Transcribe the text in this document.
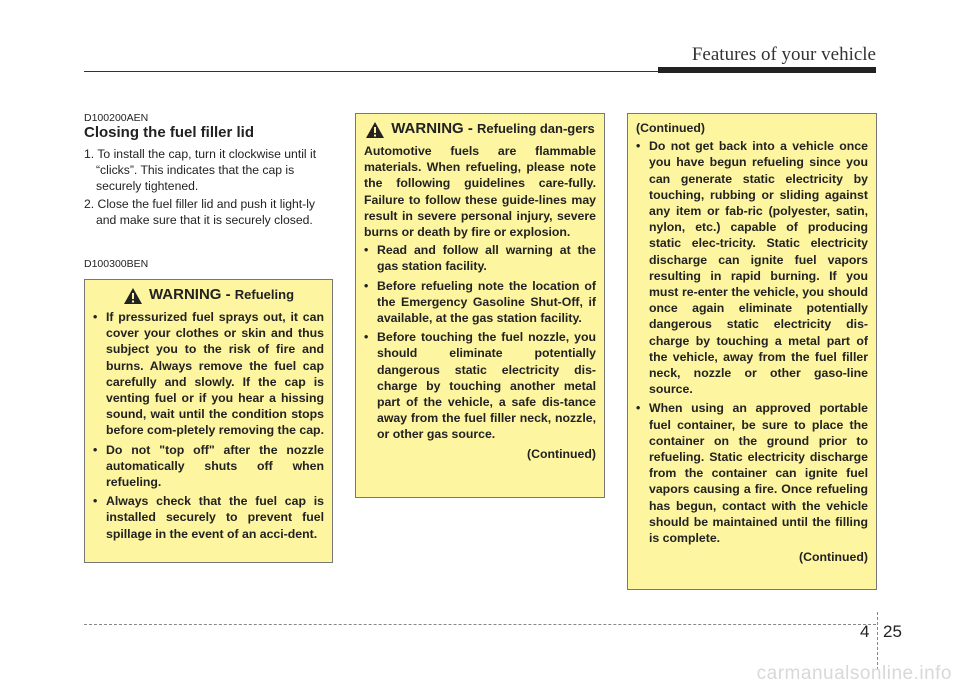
Features of your vehicle
D100200AEN
Closing the fuel filler lid
1. To install the cap, turn it clockwise until it “clicks”. This indicates that the cap is securely tightened.
2. Close the fuel filler lid and push it light-ly and make sure that it is securely closed.
D100300BEN
WARNING - Refueling
• If pressurized fuel sprays out, it can cover your clothes or skin and thus subject you to the risk of fire and burns. Always remove the fuel cap carefully and slowly. If the cap is venting fuel or if you hear a hissing sound, wait until the condition stops before com-pletely removing the cap.
• Do not "top off" after the nozzle automatically shuts off when refueling.
• Always check that the fuel cap is installed securely to prevent fuel spillage in the event of an acci-dent.
WARNING - Refueling dan-gers

Automotive fuels are flammable materials. When refueling, please note the following guidelines care-fully. Failure to follow these guide-lines may result in severe personal injury, severe burns or death by fire or explosion.

• Read and follow all warning at the gas station facility.
• Before refueling note the location of the Emergency Gasoline Shut-Off, if available, at the gas station facility.
• Before touching the fuel nozzle, you should eliminate potentially dangerous static electricity dis-charge by touching another metal part of the vehicle, a safe dis-tance away from the fuel filler neck, nozzle, or other gas source.
(Continued)
(Continued)
• Do not get back into a vehicle once you have begun refueling since you can generate static electricity by touching, rubbing or sliding against any item or fab-ric (polyester, satin, nylon, etc.) capable of producing static elec-tricity. Static electricity discharge can ignite fuel vapors resulting in rapid burning. If you must re-enter the vehicle, you should once again eliminate potentially dangerous static electricity dis-charge by touching a metal part of the vehicle, away from the fuel filler neck, nozzle or other gaso-line source.
• When using an approved portable fuel container, be sure to place the container on the ground prior to refueling. Static electricity discharge from the container can ignite fuel vapors causing a fire. Once refueling has begun, contact with the vehicle should be maintained until the filling is complete.
(Continued)
4 25
carmanualsonline.info
